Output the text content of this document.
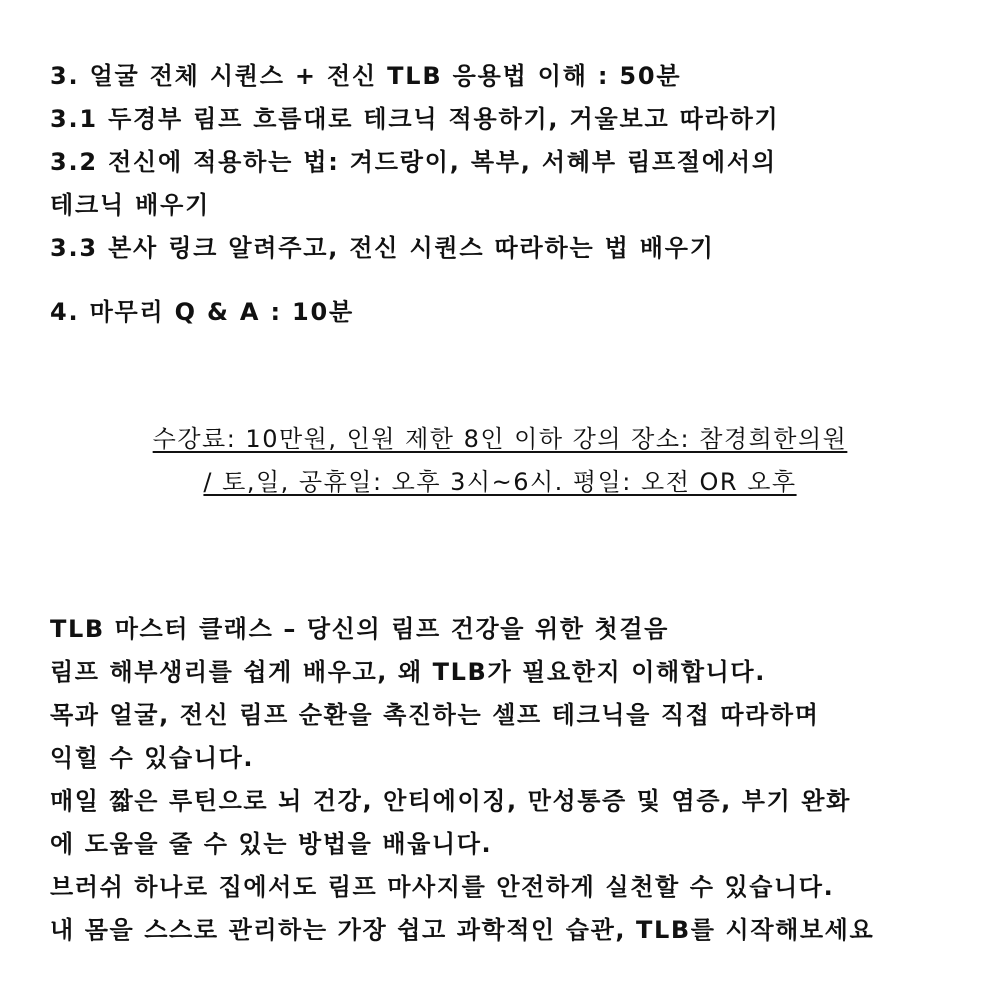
3. 얼굴 전체 시퀀스 + 전신 TLB 응용법 이해 : 50분
3.1 두경부 림프 흐름대로 테크닉 적용하기, 거울보고 따라하기
3.2 전신에 적용하는 법: 겨드랑이, 복부, 서혜부 림프절에서의
테크닉 배우기
3.3 본사 링크 알려주고, 전신 시퀀스 따라하는 법 배우기
4. 마무리 Q & A : 10분
수강료: 10만원, 인원 제한 8인 이하 강의 장소: 참경희한의원
/ 토,일, 공휴일: 오후 3시~6시. 평일: 오전 OR 오후
TLB 마스터 클래스 – 당신의 림프 건강을 위한 첫걸음
림프 해부생리를 쉽게 배우고, 왜 TLB가 필요한지 이해합니다.
목과 얼굴, 전신 림프 순환을 촉진하는 셀프 테크닉을 직접 따라하며
익힐 수 있습니다.
매일 짧은 루틴으로 뇌 건강, 안티에이징, 만성통증 및 염증, 부기 완화
에 도움을 줄 수 있는 방법을 배웁니다.
브러쉬 하나로 집에서도 림프 마사지를 안전하게 실천할 수 있습니다.
내 몸을 스스로 관리하는 가장 쉽고 과학적인 습관, TLB를 시작해보세요
